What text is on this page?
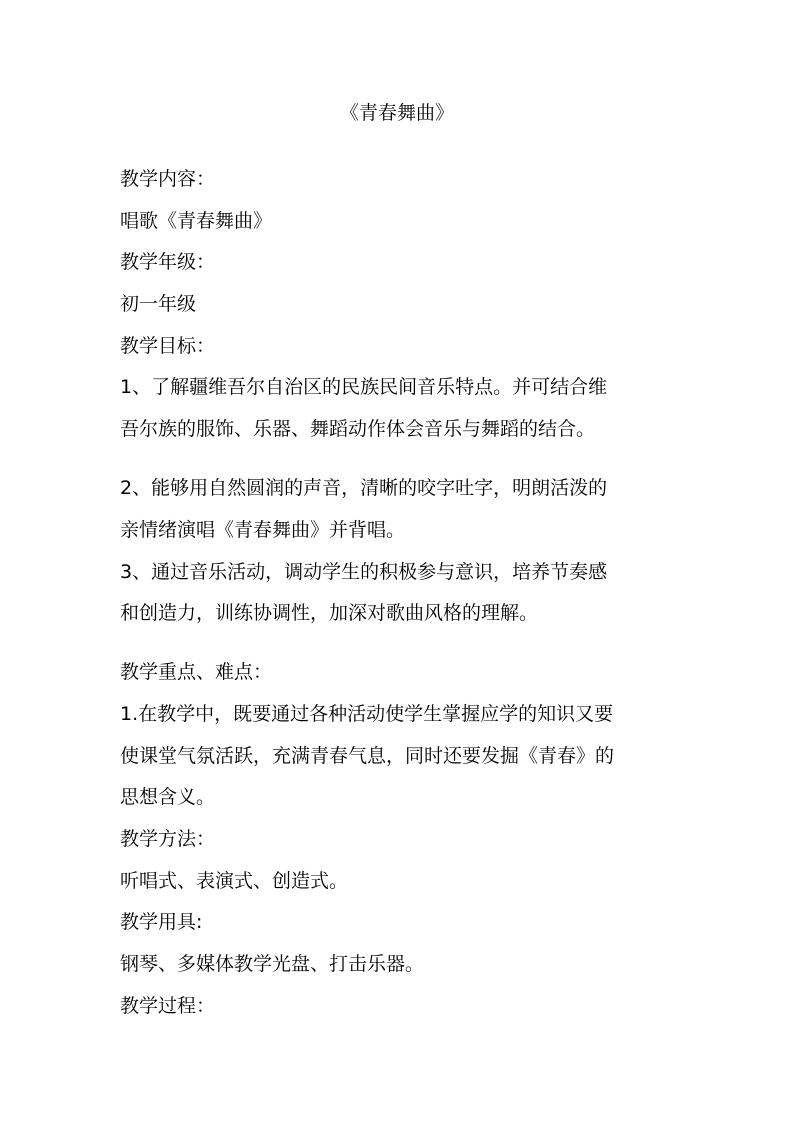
《青春舞曲》
教学内容：
唱歌《青春舞曲》
教学年级：
初一年级
教学目标：
1、了解疆维吾尔自治区的民族民间音乐特点。并可结合维
吾尔族的服饰、乐器、舞蹈动作体会音乐与舞蹈的结合。
2、能够用自然圆润的声音，清晰的咬字吐字，明朗活泼的
亲情绪演唱《青春舞曲》并背唱。
3、通过音乐活动，调动学生的积极参与意识，培养节奏感
和创造力，训练协调性，加深对歌曲风格的理解。
教学重点、难点：
1.在教学中，既要通过各种活动使学生掌握应学的知识又要
使课堂气氛活跃，充满青春气息，同时还要发掘《青春》的
思想含义。
教学方法：
听唱式、表演式、创造式。
教学用具:
钢琴、多媒体教学光盘、打击乐器。
教学过程：
